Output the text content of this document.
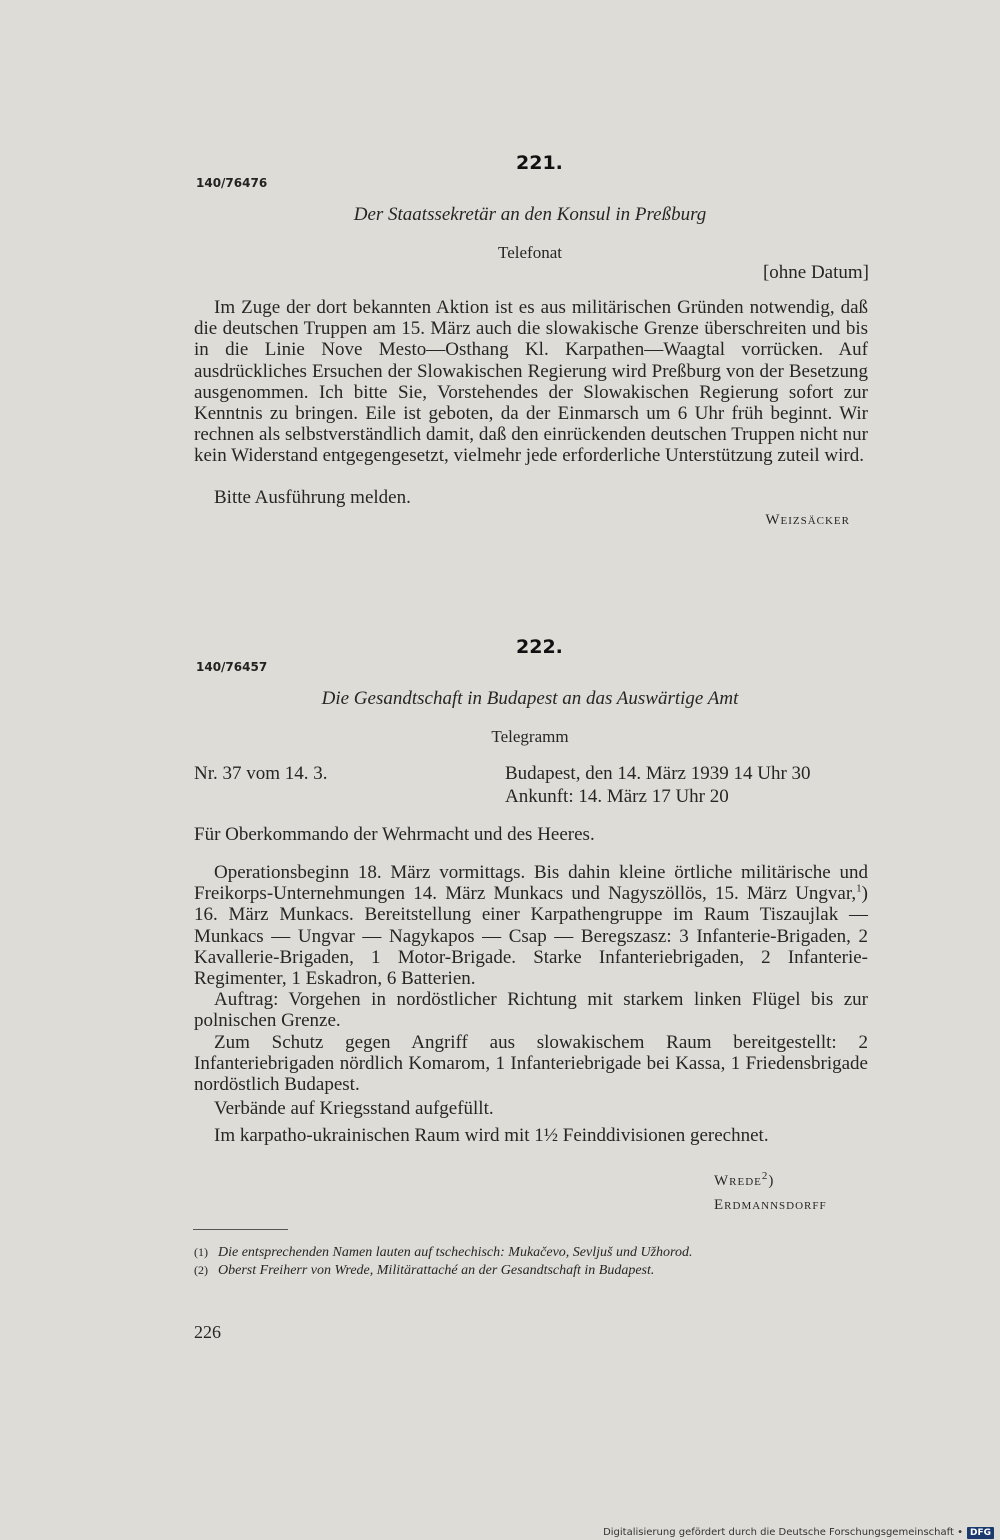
221.
140/76476
Der Staatssekretär an den Konsul in Preßburg
Telefonat
[ohne Datum]
Im Zuge der dort bekannten Aktion ist es aus militärischen Gründen notwendig, daß die deutschen Truppen am 15. März auch die slowakische Grenze überschreiten und bis in die Linie Nove Mesto—Osthang Kl. Karpathen—Waagtal vorrücken. Auf ausdrückliches Ersuchen der Slowakischen Regierung wird Preßburg von der Besetzung ausgenommen. Ich bitte Sie, Vorstehendes der Slowakischen Regierung sofort zur Kenntnis zu bringen. Eile ist geboten, da der Einmarsch um 6 Uhr früh beginnt. Wir rechnen als selbstverständlich damit, daß den einrückenden deutschen Truppen nicht nur kein Widerstand entgegengesetzt, vielmehr jede erforderliche Unterstützung zuteil wird.
Bitte Ausführung melden.
Weizsäcker
222.
140/76457
Die Gesandtschaft in Budapest an das Auswärtige Amt
Telegramm
Nr. 37 vom 14. 3.	Budapest, den 14. März 1939 14 Uhr 30
Ankunft: 14. März 17 Uhr 20
Für Oberkommando der Wehrmacht und des Heeres.
Operationsbeginn 18. März vormittags. Bis dahin kleine örtliche militärische und Freikorps-Unternehmungen 14. März Munkacs und Nagyszöllös, 15. März Ungvar,$^1$) 16. März Munkacs. Bereitstellung einer Karpathengruppe im Raum Tiszaujlak — Munkacs — Ungvar — Nagykapos — Csap — Beregszasz: 3 Infanterie-Brigaden, 2 Kavallerie-Brigaden, 1 Motor-Brigade. Starke Infanteriebrigaden, 2 Infanterie-Regimenter, 1 Eskadron, 6 Batterien.
Auftrag: Vorgehen in nordöstlicher Richtung mit starkem linken Flügel bis zur polnischen Grenze.
Zum Schutz gegen Angriff aus slowakischem Raum bereitgestellt: 2 Infanteriebrigaden nördlich Komarom, 1 Infanteriebrigade bei Kassa, 1 Friedensbrigade nordöstlich Budapest.
Verbände auf Kriegsstand aufgefüllt.
Im karpatho-ukrainischen Raum wird mit 1½ Feinddivisionen gerechnet.
Wrede$^2$)
Erdmannsdorff
(1) Die entsprechenden Namen lauten auf tschechisch: Mukačevo, Sevljuš und Užhorod.
(2) Oberst Freiherr von Wrede, Militärattaché an der Gesandtschaft in Budapest.
226
Digitalisierung gefördert durch die Deutsche Forschungsgemeinschaft • DFG
